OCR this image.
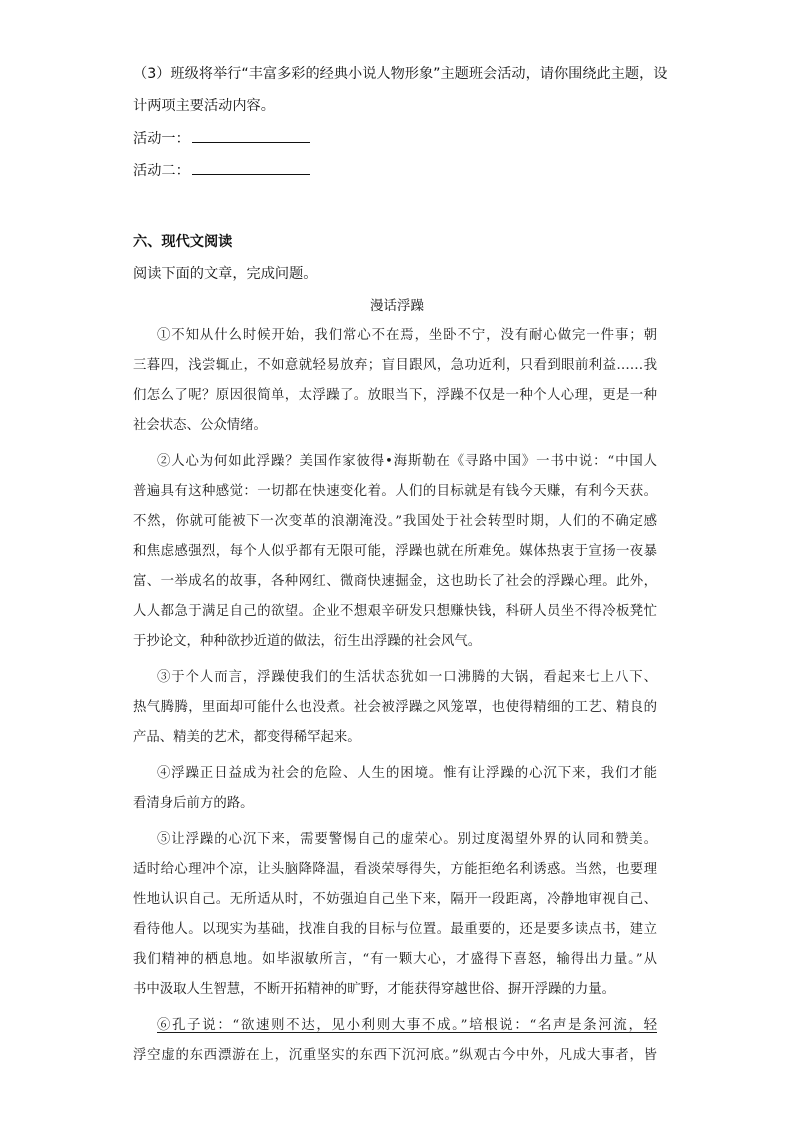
（3）班级将举行“丰富多彩的经典小说人物形象”主题班会活动，请你围绕此主题，设
计两项主要活动内容。
活动一：
活动二：
六、现代文阅读
阅读下面的文章，完成问题。
漫话浮躁
①不知从什么时候开始，我们常心不在焉，坐卧不宁，没有耐心做完一件事；朝
三暮四，浅尝辄止，不如意就轻易放弃；盲目跟风，急功近利，只看到眼前利益……我
们怎么了呢？原因很简单，太浮躁了。放眼当下，浮躁不仅是一种个人心理，更是一种
社会状态、公众情绪。
②人心为何如此浮躁？美国作家彼得•海斯勒在《寻路中国》一书中说：“中国人
普遍具有这种感觉：一切都在快速变化着。人们的目标就是有钱今天赚，有利今天获。
不然，你就可能被下一次变革的浪潮淹没。”我国处于社会转型时期，人们的不确定感
和焦虑感强烈，每个人似乎都有无限可能，浮躁也就在所难免。媒体热衷于宣扬一夜暴
富、一举成名的故事，各种网红、微商快速掘金，这也助长了社会的浮躁心理。此外，
人人都急于满足自己的欲望。企业不想艰辛研发只想赚快钱，科研人员坐不得冷板凳忙
于抄论文，种种欲抄近道的做法，衍生出浮躁的社会风气。
③于个人而言，浮躁使我们的生活状态犹如一口沸腾的大锅，看起来七上八下、
热气腾腾，里面却可能什么也没煮。社会被浮躁之风笼罩，也使得精细的工艺、精良的
产品、精美的艺术，都变得稀罕起来。
④浮躁正日益成为社会的危险、人生的困境。惟有让浮躁的心沉下来，我们才能
看清身后前方的路。
⑤让浮躁的心沉下来，需要警惕自己的虚荣心。别过度渴望外界的认同和赞美。
适时给心理冲个凉，让头脑降降温，看淡荣辱得失，方能拒绝名利诱惑。当然，也要理
性地认识自己。无所适从时，不妨强迫自己坐下来，隔开一段距离，冷静地审视自己、
看待他人。以现实为基础，找准自我的目标与位置。最重要的，还是要多读点书，建立
我们精神的栖息地。如毕淑敏所言，“有一颗大心，才盛得下喜怒，输得出力量。”从
书中汲取人生智慧，不断开拓精神的旷野，才能获得穿越世俗、摒开浮躁的力量。
⑥孔子说：“欲速则不达，见小利则大事不成。”培根说：“名声是条河流，轻
浮空虚的东西漂游在上，沉重坚实的东西下沉河底。”纵观古今中外，凡成大事者，皆
